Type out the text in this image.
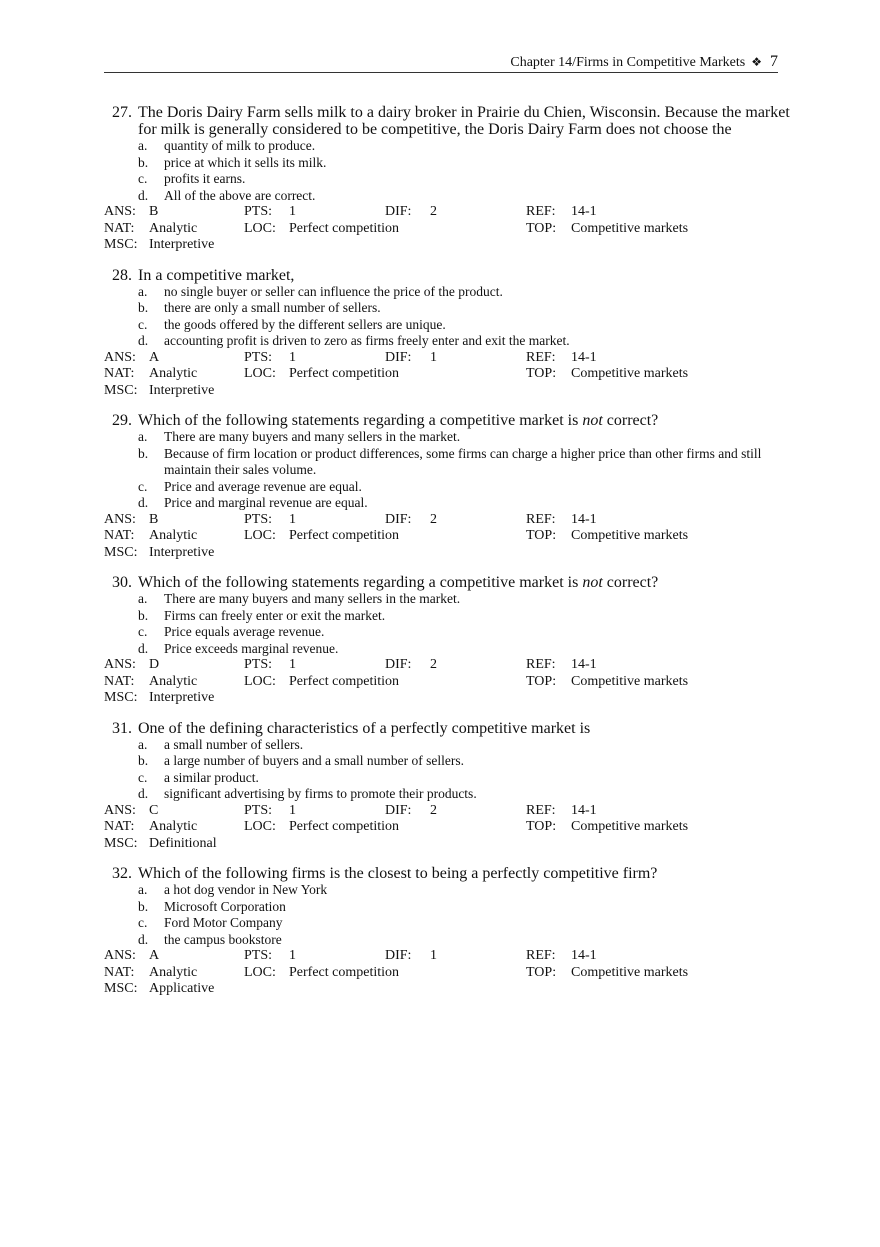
Chapter 14/Firms in Competitive Markets ❖ 7
27. The Doris Dairy Farm sells milk to a dairy broker in Prairie du Chien, Wisconsin. Because the market for milk is generally considered to be competitive, the Doris Dairy Farm does not choose the
a. quantity of milk to produce.
b. price at which it sells its milk.
c. profits it earns.
d. All of the above are correct.
ANS: B	PTS: 1	DIF: 2	REF: 14-1
NAT: Analytic	LOC: Perfect competition	TOP: Competitive markets
MSC: Interpretive
28. In a competitive market,
a. no single buyer or seller can influence the price of the product.
b. there are only a small number of sellers.
c. the goods offered by the different sellers are unique.
d. accounting profit is driven to zero as firms freely enter and exit the market.
ANS: A	PTS: 1	DIF: 1	REF: 14-1
NAT: Analytic	LOC: Perfect competition	TOP: Competitive markets
MSC: Interpretive
29. Which of the following statements regarding a competitive market is not correct?
a. There are many buyers and many sellers in the market.
b. Because of firm location or product differences, some firms can charge a higher price than other firms and still maintain their sales volume.
c. Price and average revenue are equal.
d. Price and marginal revenue are equal.
ANS: B	PTS: 1	DIF: 2	REF: 14-1
NAT: Analytic	LOC: Perfect competition	TOP: Competitive markets
MSC: Interpretive
30. Which of the following statements regarding a competitive market is not correct?
a. There are many buyers and many sellers in the market.
b. Firms can freely enter or exit the market.
c. Price equals average revenue.
d. Price exceeds marginal revenue.
ANS: D	PTS: 1	DIF: 2	REF: 14-1
NAT: Analytic	LOC: Perfect competition	TOP: Competitive markets
MSC: Interpretive
31. One of the defining characteristics of a perfectly competitive market is
a. a small number of sellers.
b. a large number of buyers and a small number of sellers.
c. a similar product.
d. significant advertising by firms to promote their products.
ANS: C	PTS: 1	DIF: 2	REF: 14-1
NAT: Analytic	LOC: Perfect competition	TOP: Competitive markets
MSC: Definitional
32. Which of the following firms is the closest to being a perfectly competitive firm?
a. a hot dog vendor in New York
b. Microsoft Corporation
c. Ford Motor Company
d. the campus bookstore
ANS: A	PTS: 1	DIF: 1	REF: 14-1
NAT: Analytic	LOC: Perfect competition	TOP: Competitive markets
MSC: Applicative
